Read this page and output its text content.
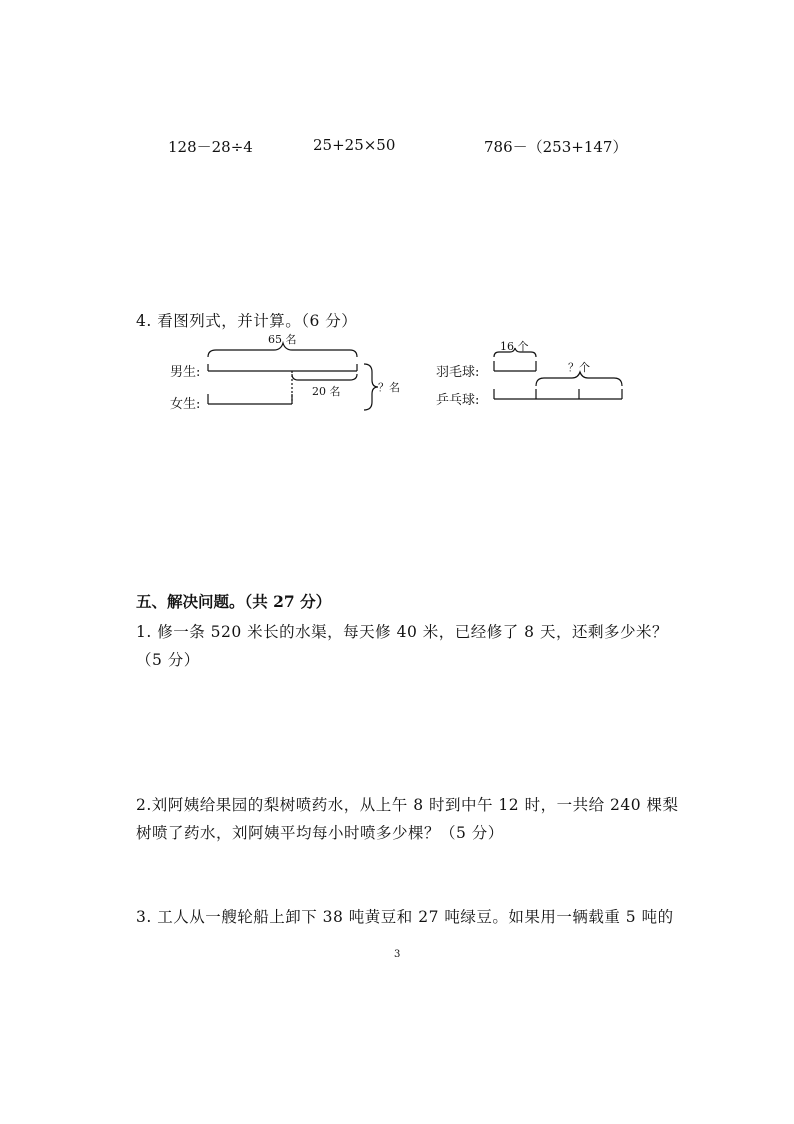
128－28÷4	25+25×50	786－（253+147）
4. 看图列式，并计算。（6 分）
男生:
女生:
65 名
20 名	？名
羽毛球:
乒乓球:
16 个
？个
五、解决问题。（共 27 分）
1. 修一条 520 米长的水渠，每天修 40 米，已经修了 8 天，还剩多少米？
（5 分）
2.刘阿姨给果园的梨树喷药水，从上午 8 时到中午 12 时，一共给 240 棵梨
树喷了药水，刘阿姨平均每小时喷多少棵？（5 分）
3. 工人从一艘轮船上卸下 38 吨黄豆和 27 吨绿豆。如果用一辆载重 5 吨的
3
